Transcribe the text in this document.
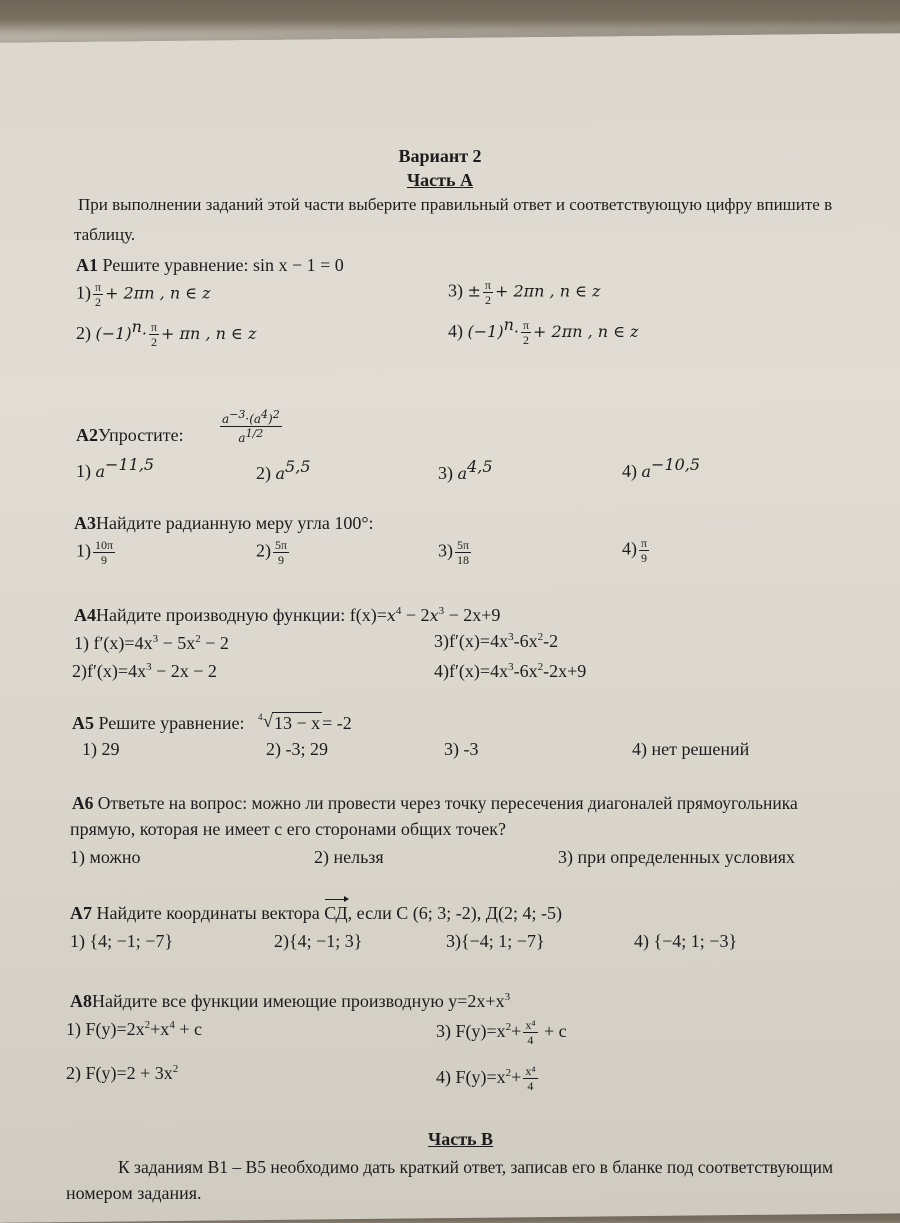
Вариант 2
Часть А
При выполнении заданий этой части выберите правильный ответ и соответствующую цифру впишите в
таблицу.
А1 Решите уравнение: sin x − 1 = 0
$1) \frac{\pi}{2} + 2\pi n$ , n ∈ z	$3) \pm \frac{\pi}{2} + 2\pi n$ , n ∈ z
2) $(-1)^n\cdot \frac{\pi}{2} + \pi n$ , n ∈ z	4) $(-1)^n\cdot \frac{\pi}{2} + 2\pi n$ , n ∈ z
А2Упростите:	$\frac{a^{-3}\cdot(a^4)^2}{a^{1/2}}$
1) $a^{-11,5}$	2) $a^{5,5}$	3) $a^{4,5}$	4) $a^{-10,5}$
А3Найдите радианную меру угла 100°:
$1) \frac{10\pi}{9}$	$2) \frac{5\pi}{9}$	$3) \frac{5\pi}{18}$	$4) \frac{\pi}{9}$
А4Найдите производную функции: $f(x)=x^4 - 2x^3 - 2x+9$
1) $f'(x)=4x^3 - 5x^2 - 2$	$3)f'(x)=4x^3-6x^2-2$
$2)f'(x)=4x^3 - 2x - 2$	$4)f'(x)=4x^3-6x^2-2x+9$
А5 Решите уравнение: 4 √ 13 − x = -2
1) 29	2) -3; 29	3) -3	4) нет решений
А6 Ответьте на вопрос: можно ли провести через точку пересечения диагоналей прямоугольника
прямую, которая не имеет с его сторонами общих точек?
1) можно	2) нельзя	3) при определенных условиях
А7 Найдите координаты вектора СД, если С (6; 3; -2), Д(2; 4; -5)
1) {4; −1; −7}	2){4; −1; 3}	3){−4; 1; −7}	4) {−4; 1; −3}
А8Найдите все функции имеющие производную $y=2x+x^3$
1) $F(y)=2x^2+x^4 + c$	3) $F(y)=x^2+ \frac{\text{x⁴}}{4} + c$
2) $F(y)=2 + 3x^2$	4) $F(y)=x^2+ \frac{\text{x⁴}}{4}$
Часть В
К заданиям В1 – В5 необходимо дать краткий ответ, записав его в бланке под соответствующим
номером задания.
